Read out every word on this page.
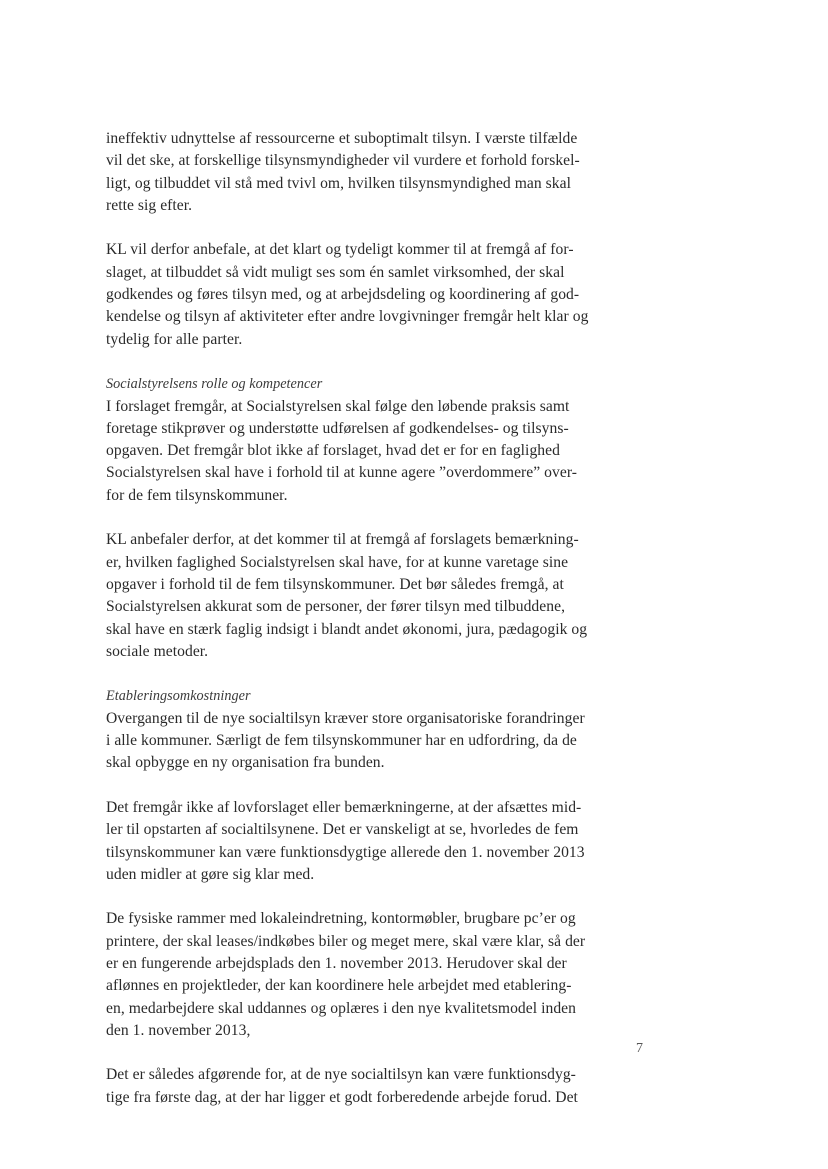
ineffektiv udnyttelse af ressourcerne et suboptimalt tilsyn. I værste tilfælde
vil det ske, at forskellige tilsynsmyndigheder vil vurdere et forhold forskel-
ligt, og tilbuddet vil stå med tvivl om, hvilken tilsynsmyndighed man skal
rette sig efter.
KL vil derfor anbefale, at det klart og tydeligt kommer til at fremgå af for-
slaget, at tilbuddet så vidt muligt ses som én samlet virksomhed, der skal
godkendes og føres tilsyn med, og at arbejdsdeling og koordinering af god-
kendelse og tilsyn af aktiviteter efter andre lovgivninger fremgår helt klar og
tydelig for alle parter.
Socialstyrelsens rolle og kompetencer
I forslaget fremgår, at Socialstyrelsen skal følge den løbende praksis samt
foretage stikprøver og understøtte udførelsen af godkendelses- og tilsyns-
opgaven. Det fremgår blot ikke af forslaget, hvad det er for en faglighed
Socialstyrelsen skal have i forhold til at kunne agere ”overdommere” over-
for de fem tilsynskommuner.
KL anbefaler derfor, at det kommer til at fremgå af forslagets bemærkning-
er, hvilken faglighed Socialstyrelsen skal have, for at kunne varetage sine
opgaver i forhold til de fem tilsynskommuner. Det bør således fremgå, at
Socialstyrelsen akkurat som de personer, der fører tilsyn med tilbuddene,
skal have en stærk faglig indsigt i blandt andet økonomi, jura, pædagogik og
sociale metoder.
Etableringsomkostninger
Overgangen til de nye socialtilsyn kræver store organisatoriske forandringer
i alle kommuner. Særligt de fem tilsynskommuner har en udfordring, da de
skal opbygge en ny organisation fra bunden.
Det fremgår ikke af lovforslaget eller bemærkningerne, at der afsættes mid-
ler til opstarten af socialtilsynene. Det er vanskeligt at se, hvorledes de fem
tilsynskommuner kan være funktionsdygtige allerede den 1. november 2013
uden midler at gøre sig klar med.
De fysiske rammer med lokaleindretning, kontormøbler, brugbare pc’er og
printere, der skal leases/indkøbes biler og meget mere, skal være klar, så der
er en fungerende arbejdsplads den 1. november 2013. Herudover skal der
aflønnes en projektleder, der kan koordinere hele arbejdet med etablering-
en, medarbejdere skal uddannes og oplæres i den nye kvalitetsmodel inden
den 1. november 2013,
Det er således afgørende for, at de nye socialtilsyn kan være funktionsdyg-
tige fra første dag, at der har ligger et godt forberedende arbejde forud. Det
7
